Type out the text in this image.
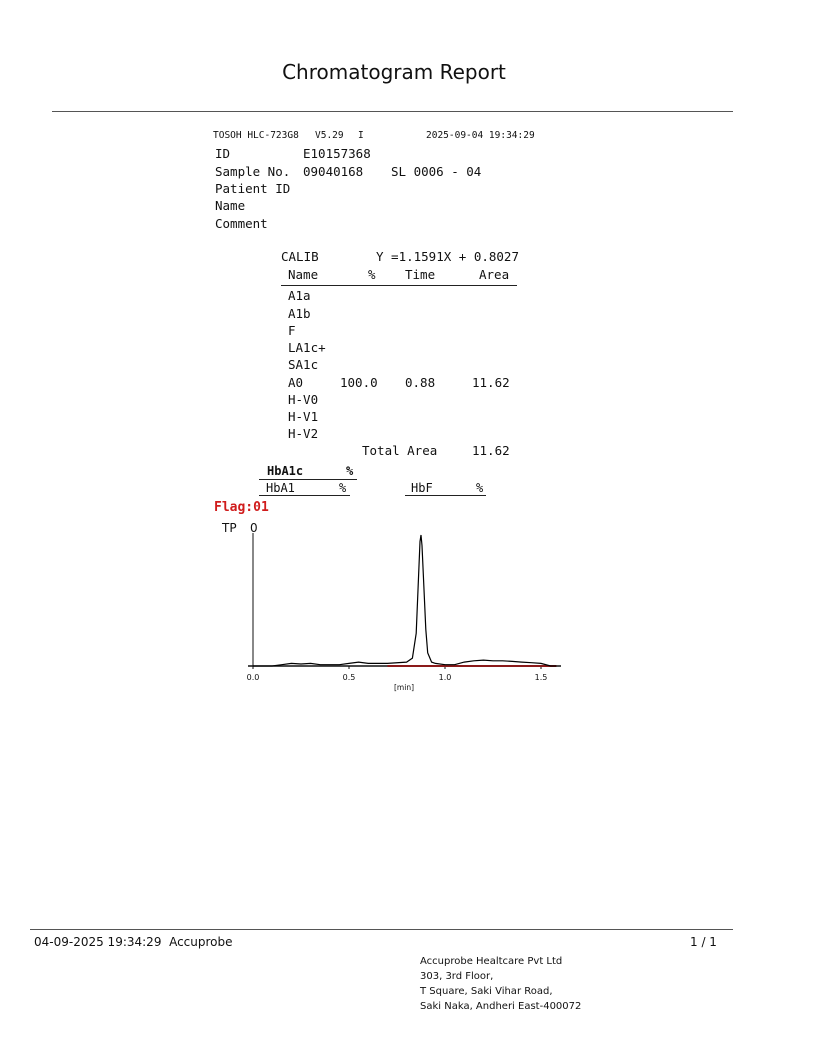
Chromatogram Report
TOSOH HLC-723G8 V5.29 I	2025-09-04 19:34:29
ID	E10157368
Sample No. 09040168 SL 0006 - 04
Patient ID
Name
Comment
CALIB	Y =1.1591X + 0.8027
Name	% Time	Area
A1a
A1b
F
LA1c+
SA1c
A0	100.0 0.88	11.62
H-V0
H-V1
H-V2
Total Area	11.62
HbA1c	%
HbA1	%	HbF	%
Flag:01
TP 0
0.0	0.5	1.0	1.5
[min]
04-09-2025 19:34:29  Accuprobe	1 / 1
Accuprobe Healtcare Pvt Ltd
303, 3rd Floor,
T Square, Saki Vihar Road,
Saki Naka, Andheri East-400072
